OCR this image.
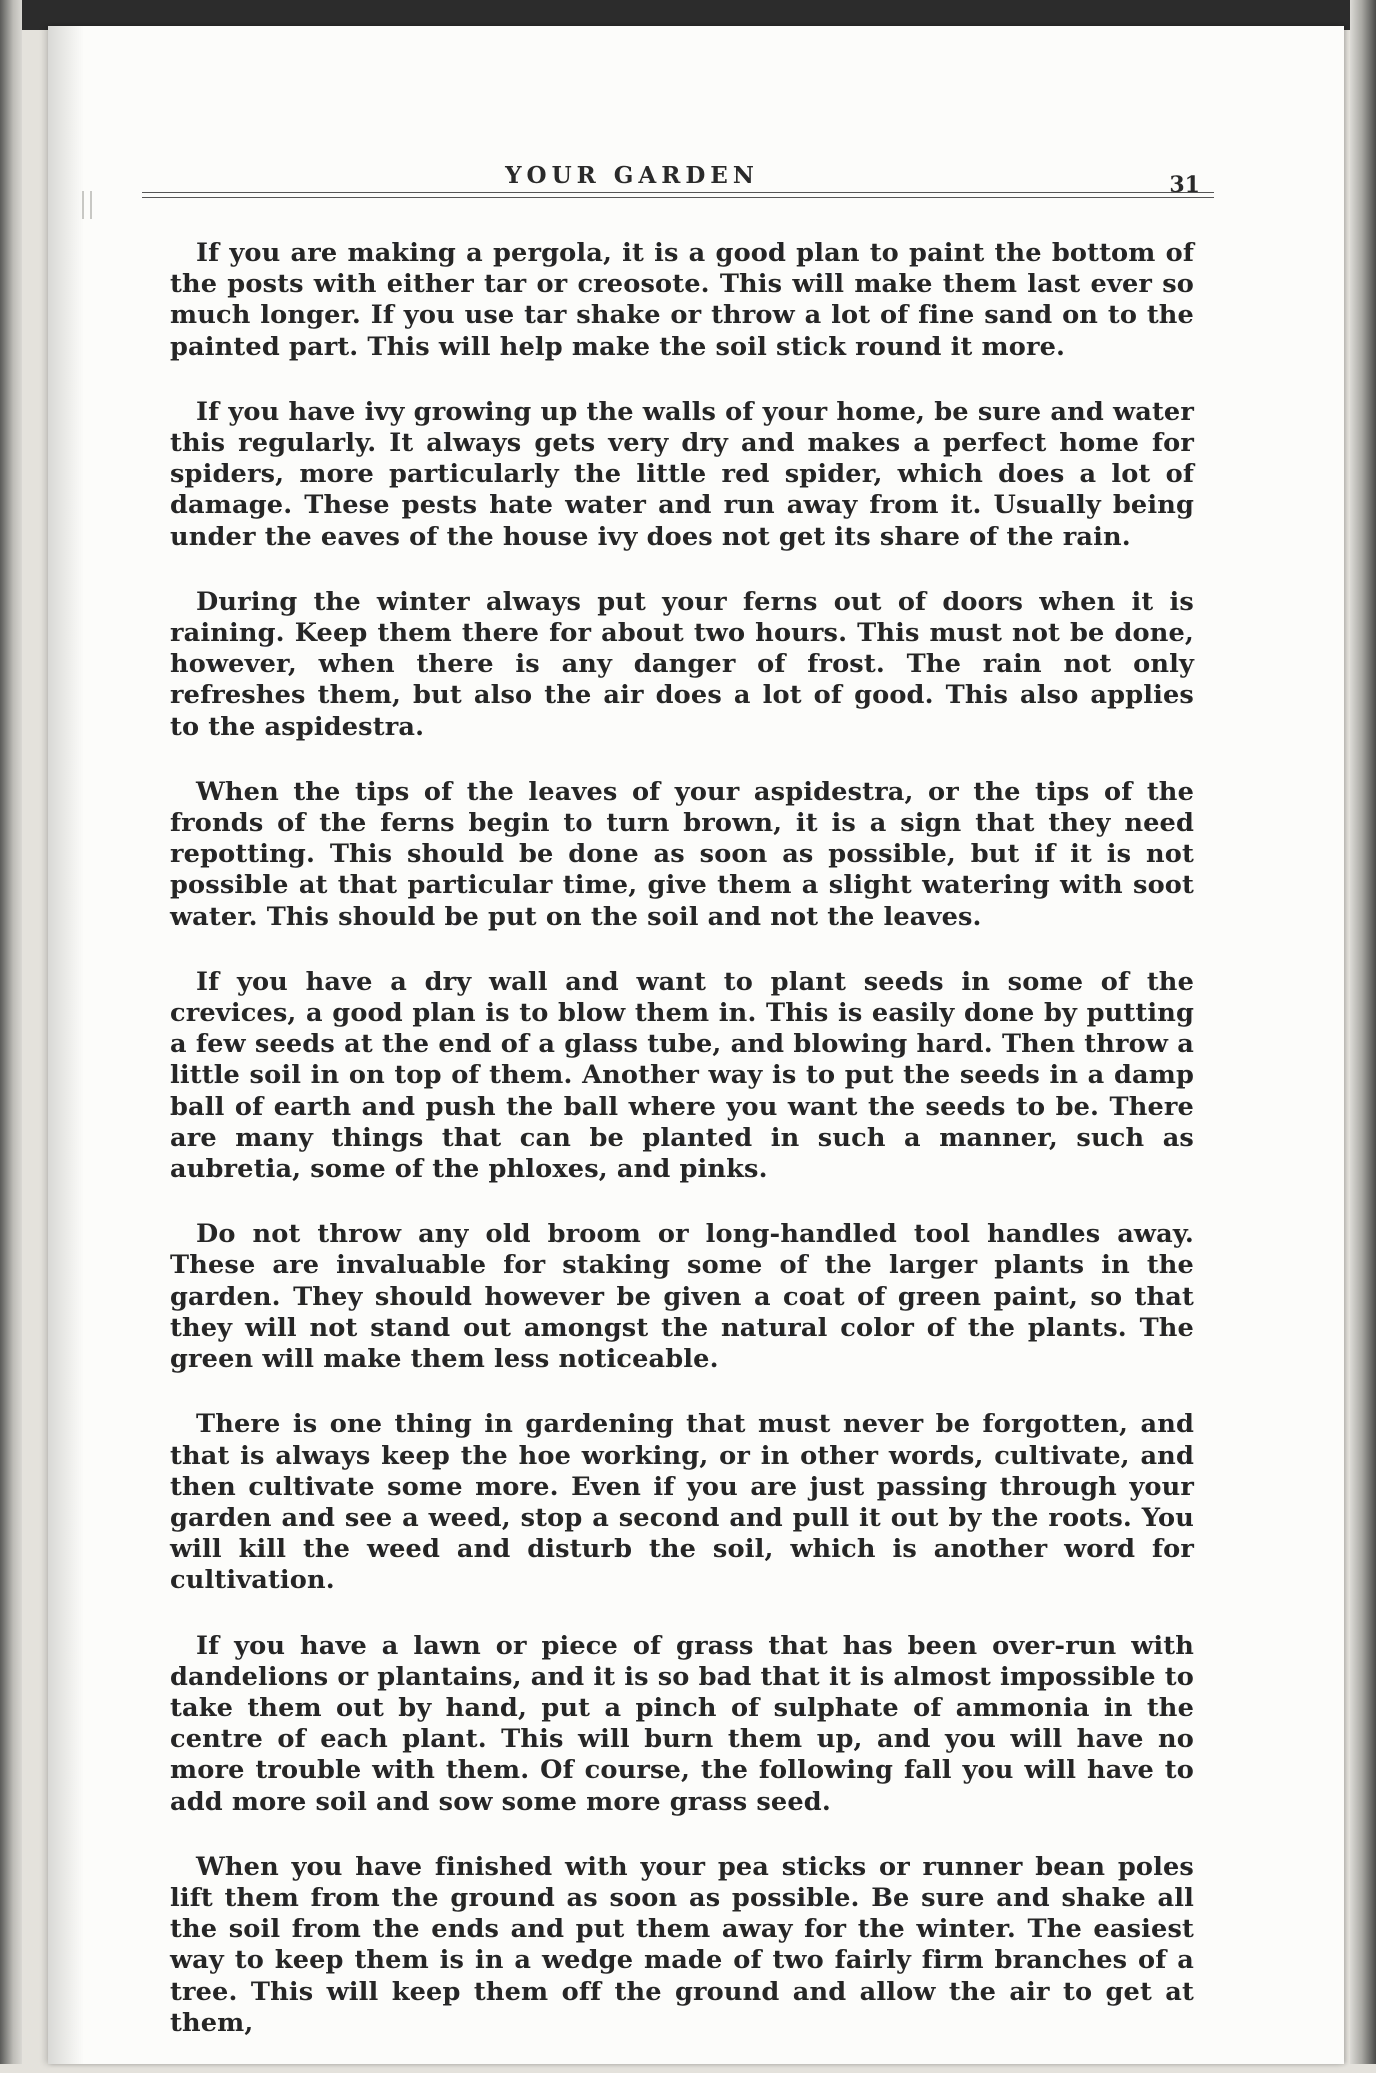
YOUR GARDEN	31

If you are making a pergola, it is a good plan to paint the bottom of the posts with either tar or creosote. This will make them last ever so much longer. If you use tar shake or throw a lot of fine sand on to the painted part. This will help make the soil stick round it more.

If you have ivy growing up the walls of your home, be sure and water this regularly. It always gets very dry and makes a perfect home for spiders, more particularly the little red spider, which does a lot of damage. These pests hate water and run away from it. Usually being under the eaves of the house ivy does not get its share of the rain.

During the winter always put your ferns out of doors when it is raining. Keep them there for about two hours. This must not be done, however, when there is any danger of frost. The rain not only refreshes them, but also the air does a lot of good. This also applies to the aspidestra.

When the tips of the leaves of your aspidestra, or the tips of the fronds of the ferns begin to turn brown, it is a sign that they need repotting. This should be done as soon as possible, but if it is not possible at that particular time, give them a slight watering with soot water. This should be put on the soil and not the leaves.

If you have a dry wall and want to plant seeds in some of the crevices, a good plan is to blow them in. This is easily done by putting a few seeds at the end of a glass tube, and blowing hard. Then throw a little soil in on top of them. Another way is to put the seeds in a damp ball of earth and push the ball where you want the seeds to be. There are many things that can be planted in such a manner, such as aubretia, some of the phloxes, and pinks.

Do not throw any old broom or long-handled tool handles away. These are invaluable for staking some of the larger plants in the garden. They should however be given a coat of green paint, so that they will not stand out amongst the natural color of the plants. The green will make them less noticeable.

There is one thing in gardening that must never be forgotten, and that is always keep the hoe working, or in other words, cultivate, and then cultivate some more. Even if you are just passing through your garden and see a weed, stop a second and pull it out by the roots. You will kill the weed and disturb the soil, which is another word for cultivation.

If you have a lawn or piece of grass that has been over-run with dandelions or plantains, and it is so bad that it is almost impossible to take them out by hand, put a pinch of sulphate of ammonia in the centre of each plant. This will burn them up, and you will have no more trouble with them. Of course, the following fall you will have to add more soil and sow some more grass seed.

When you have finished with your pea sticks or runner bean poles lift them from the ground as soon as possible. Be sure and shake all the soil from the ends and put them away for the winter. The easiest way to keep them is in a wedge made of two fairly firm branches of a tree. This will keep them off the ground and allow the air to get at them,
